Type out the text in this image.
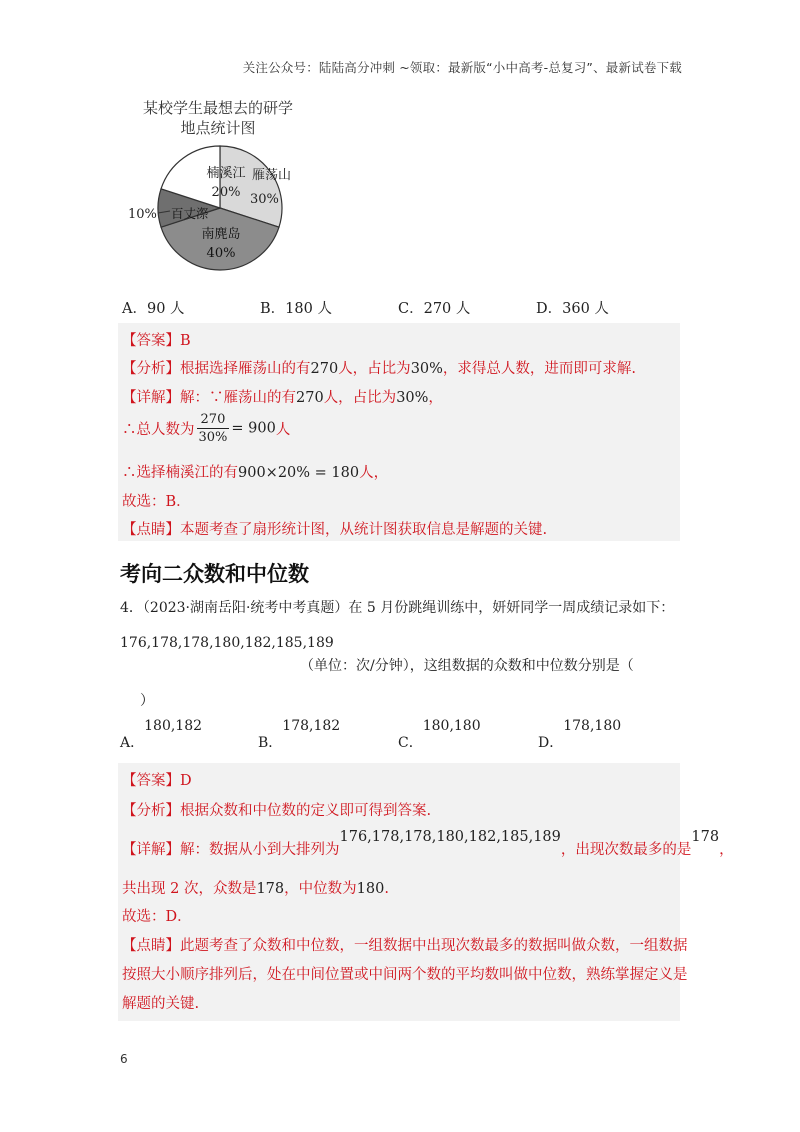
关注公众号：陆陆高分冲刺 ~领取：最新版“小中高考-总复习”、最新试卷下载
某校学生最想去的研学
地点统计图
楠溪江
20%
雁荡山
30%
南麂岛
40%
百丈漈
10%
A．90 人	B．180 人	C．270 人	D．360 人
【答案】B
【分析】根据选择雁荡山的有270人，占比为30%，求得总人数，进而即可求解.
【详解】解：∵雁荡山的有270人，占比为30%，
∴总人数为 $\frac{270}{30\%} = 900$人
∴选择楠溪江的有900×20% = 180人，
故选：B．
【点睛】本题考查了扇形统计图，从统计图获取信息是解题的关键.
考向二众数和中位数
4．（2023·湖南岳阳·统考中考真题）在 5 月份跳绳训练中，妍妍同学一周成绩记录如下：
176,178,178,180,182,185,189
（单位：次/分钟），这组数据的众数和中位数分别是（
）
A．180,182
B．178,182
C．180,180
D．178,180
【答案】D
【分析】根据众数和中位数的定义即可得到答案.
【详解】解：数据从小到大排列为176,178,178,180,182,185,189，出现次数最多的是178，
共出现 2 次，众数是178，中位数为180.
故选：D．
【点睛】此题考查了众数和中位数，一组数据中出现次数最多的数据叫做众数，一组数据
按照大小顺序排列后，处在中间位置或中间两个数的平均数叫做中位数，熟练掌握定义是
解题的关键.
6
